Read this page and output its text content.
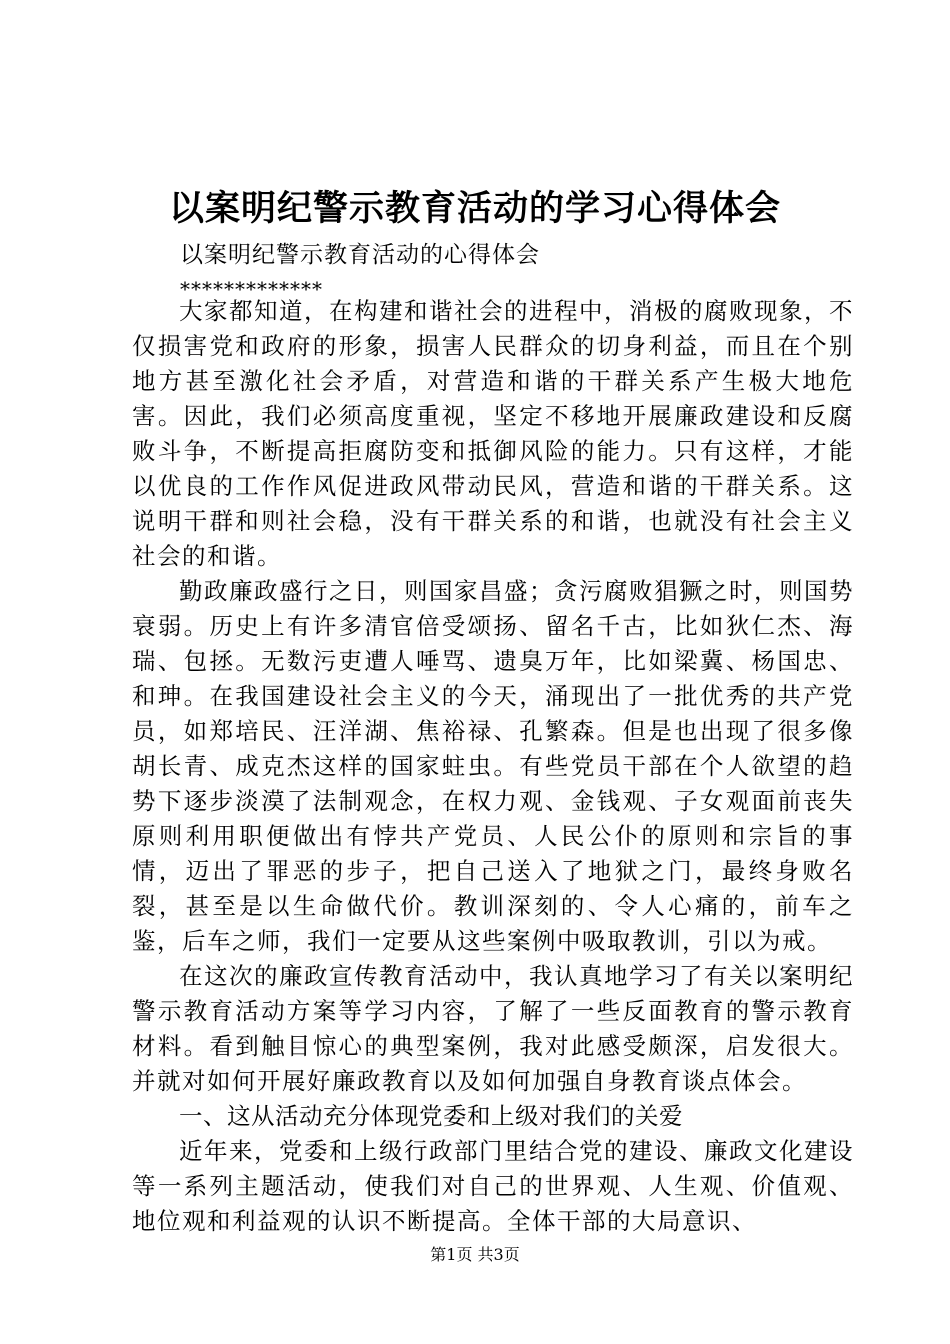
以案明纪警示教育活动的学习心得体会
以案明纪警示教育活动的心得体会
*************

大家都知道，在构建和谐社会的进程中，消极的腐败现象，不仅损害党和政府的形象，损害人民群众的切身利益，而且在个别地方甚至激化社会矛盾，对营造和谐的干群关系产生极大地危害。因此，我们必须高度重视，坚定不移地开展廉政建设和反腐败斗争，不断提高拒腐防变和抵御风险的能力。只有这样，才能以优良的工作作风促进政风带动民风，营造和谐的干群关系。这说明干群和则社会稳，没有干群关系的和谐，也就没有社会主义社会的和谐。

勤政廉政盛行之日，则国家昌盛；贪污腐败猖獗之时，则国势衰弱。历史上有许多清官倍受颂扬、留名千古，比如狄仁杰、海瑞、包拯。无数污吏遭人唾骂、遗臭万年，比如梁冀、杨国忠、和珅。在我国建设社会主义的今天，涌现出了一批优秀的共产党员，如郑培民、汪洋湖、焦裕禄、孔繁森。但是也出现了很多像胡长青、成克杰这样的国家蛀虫。有些党员干部在个人欲望的趋势下逐步淡漠了法制观念，在权力观、金钱观、子女观面前丧失原则利用职便做出有悖共产党员、人民公仆的原则和宗旨的事情，迈出了罪恶的步子，把自己送入了地狱之门，最终身败名裂，甚至是以生命做代价。教训深刻的、令人心痛的，前车之鉴，后车之师，我们一定要从这些案例中吸取教训，引以为戒。

在这次的廉政宣传教育活动中，我认真地学习了有关以案明纪警示教育活动方案等学习内容，了解了一些反面教育的警示教育材料。看到触目惊心的典型案例，我对此感受颇深，启发很大。并就对如何开展好廉政教育以及如何加强自身教育谈点体会。

一、这从活动充分体现党委和上级对我们的关爱

近年来，党委和上级行政部门里结合党的建设、廉政文化建设等一系列主题活动，使我们对自己的世界观、人生观、价值观、地位观和利益观的认识不断提高。全体干部的大局意识、

第1页 共3页
